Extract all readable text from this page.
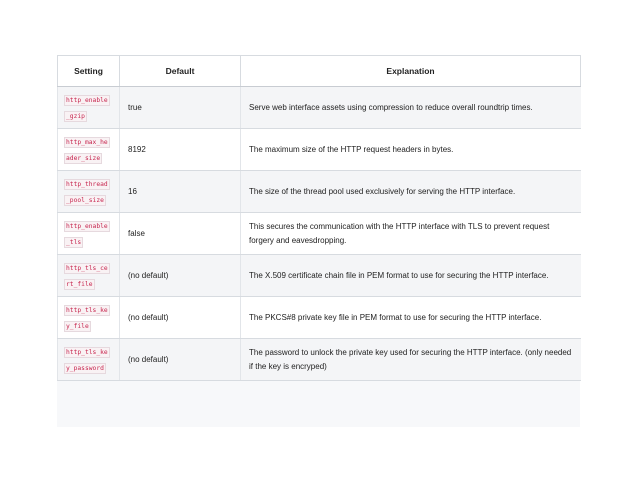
Setting	Default	Explanation

http_enable
_gzip	true	Serve web interface assets using compression to reduce overall roundtrip times.

http_max_he
ader_size	8192	The maximum size of the HTTP request headers in bytes.

http_thread
_pool_size	16	The size of the thread pool used exclusively for serving the HTTP interface.

http_enable
_tls	false	This secures the communication with the HTTP interface with TLS to prevent request forgery and eavesdropping.

http_tls_ce
rt_file	(no default)	The X.509 certificate chain file in PEM format to use for securing the HTTP interface.

http_tls_ke
y_file	(no default)	The PKCS#8 private key file in PEM format to use for securing the HTTP interface.

http_tls_ke
y_password	(no default)	The password to unlock the private key used for securing the HTTP interface. (only needed if the key is encryped)
